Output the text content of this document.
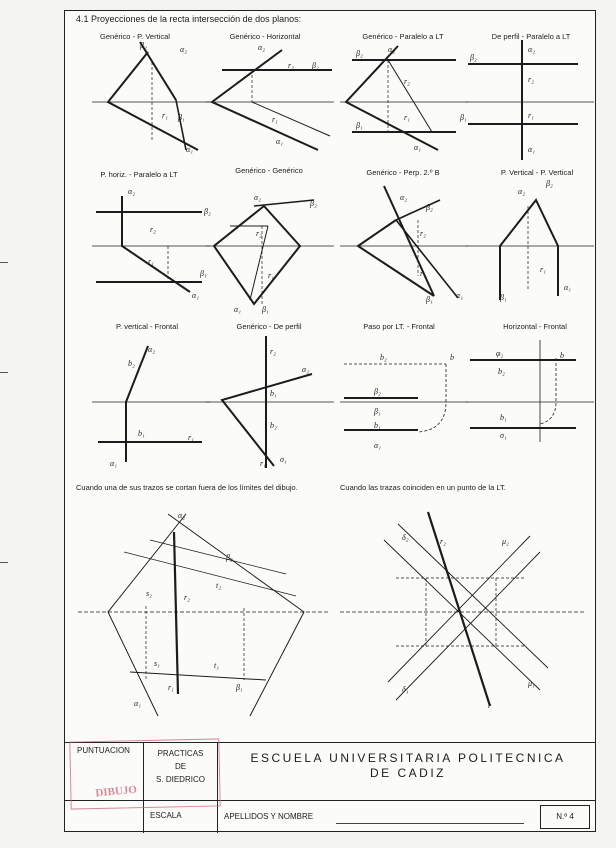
4.1 Proyecciones de la recta intersección de dos planos:
Genérico - P. Vertical	Genérico - Horizontal	Genérico - Paralelo a LT	De perfil - Paralelo a LT
P. horiz. - Paralelo a LT	Genérico - Genérico	Genérico - Perp. 2.º B	P. Vertical - P. Vertical
P. vertical - Frontal	Genérico - De perfil	Paso por LT. - Frontal	Horizontal - Frontal
Cuando una de sus trazos se cortan fuera de los límites del dibujo.	Cuando las trazas coinciden en un punto de la LT.
α₂
β₂
β₁
r₁
α₁
α₂
r₂ β₂
r₁
α₁
β₂	α₂
r₂
r₁
β₁
α₁
β₂
α₂
r₂
r₁
β₁
α₁
α₂
β₂
r₂
r₁
β₁
α₁
α₂
β₂
r₂
r₁
α₁	β₁
α₂
β₂
r₂
r₁
β₁	α₁
α₂
β₂
r₁
β₁
α₁
b₂
α₂
b₁	r₁
α₁
r₂
α₂
b₁
b₂
r₁ σ₁
b₂	b
β₂
β₁
b₁
α₁
φ₂	b
b₂
b₁
σ₁
α₂
β₂
s₂	r₂
t₂
s₁	t₁
r₁
α₁
β₁
δ₂	r₂	μ₂
δ₁
μ₁
r
PUNTUACION	PRACTICAS
DE
S. DIEDRICO
ESCUELA UNIVERSITARIA POLITECNICA
DE CADIZ
ESCALA	APELLIDOS Y NOMBRE	N.º 4
DIBUJO
